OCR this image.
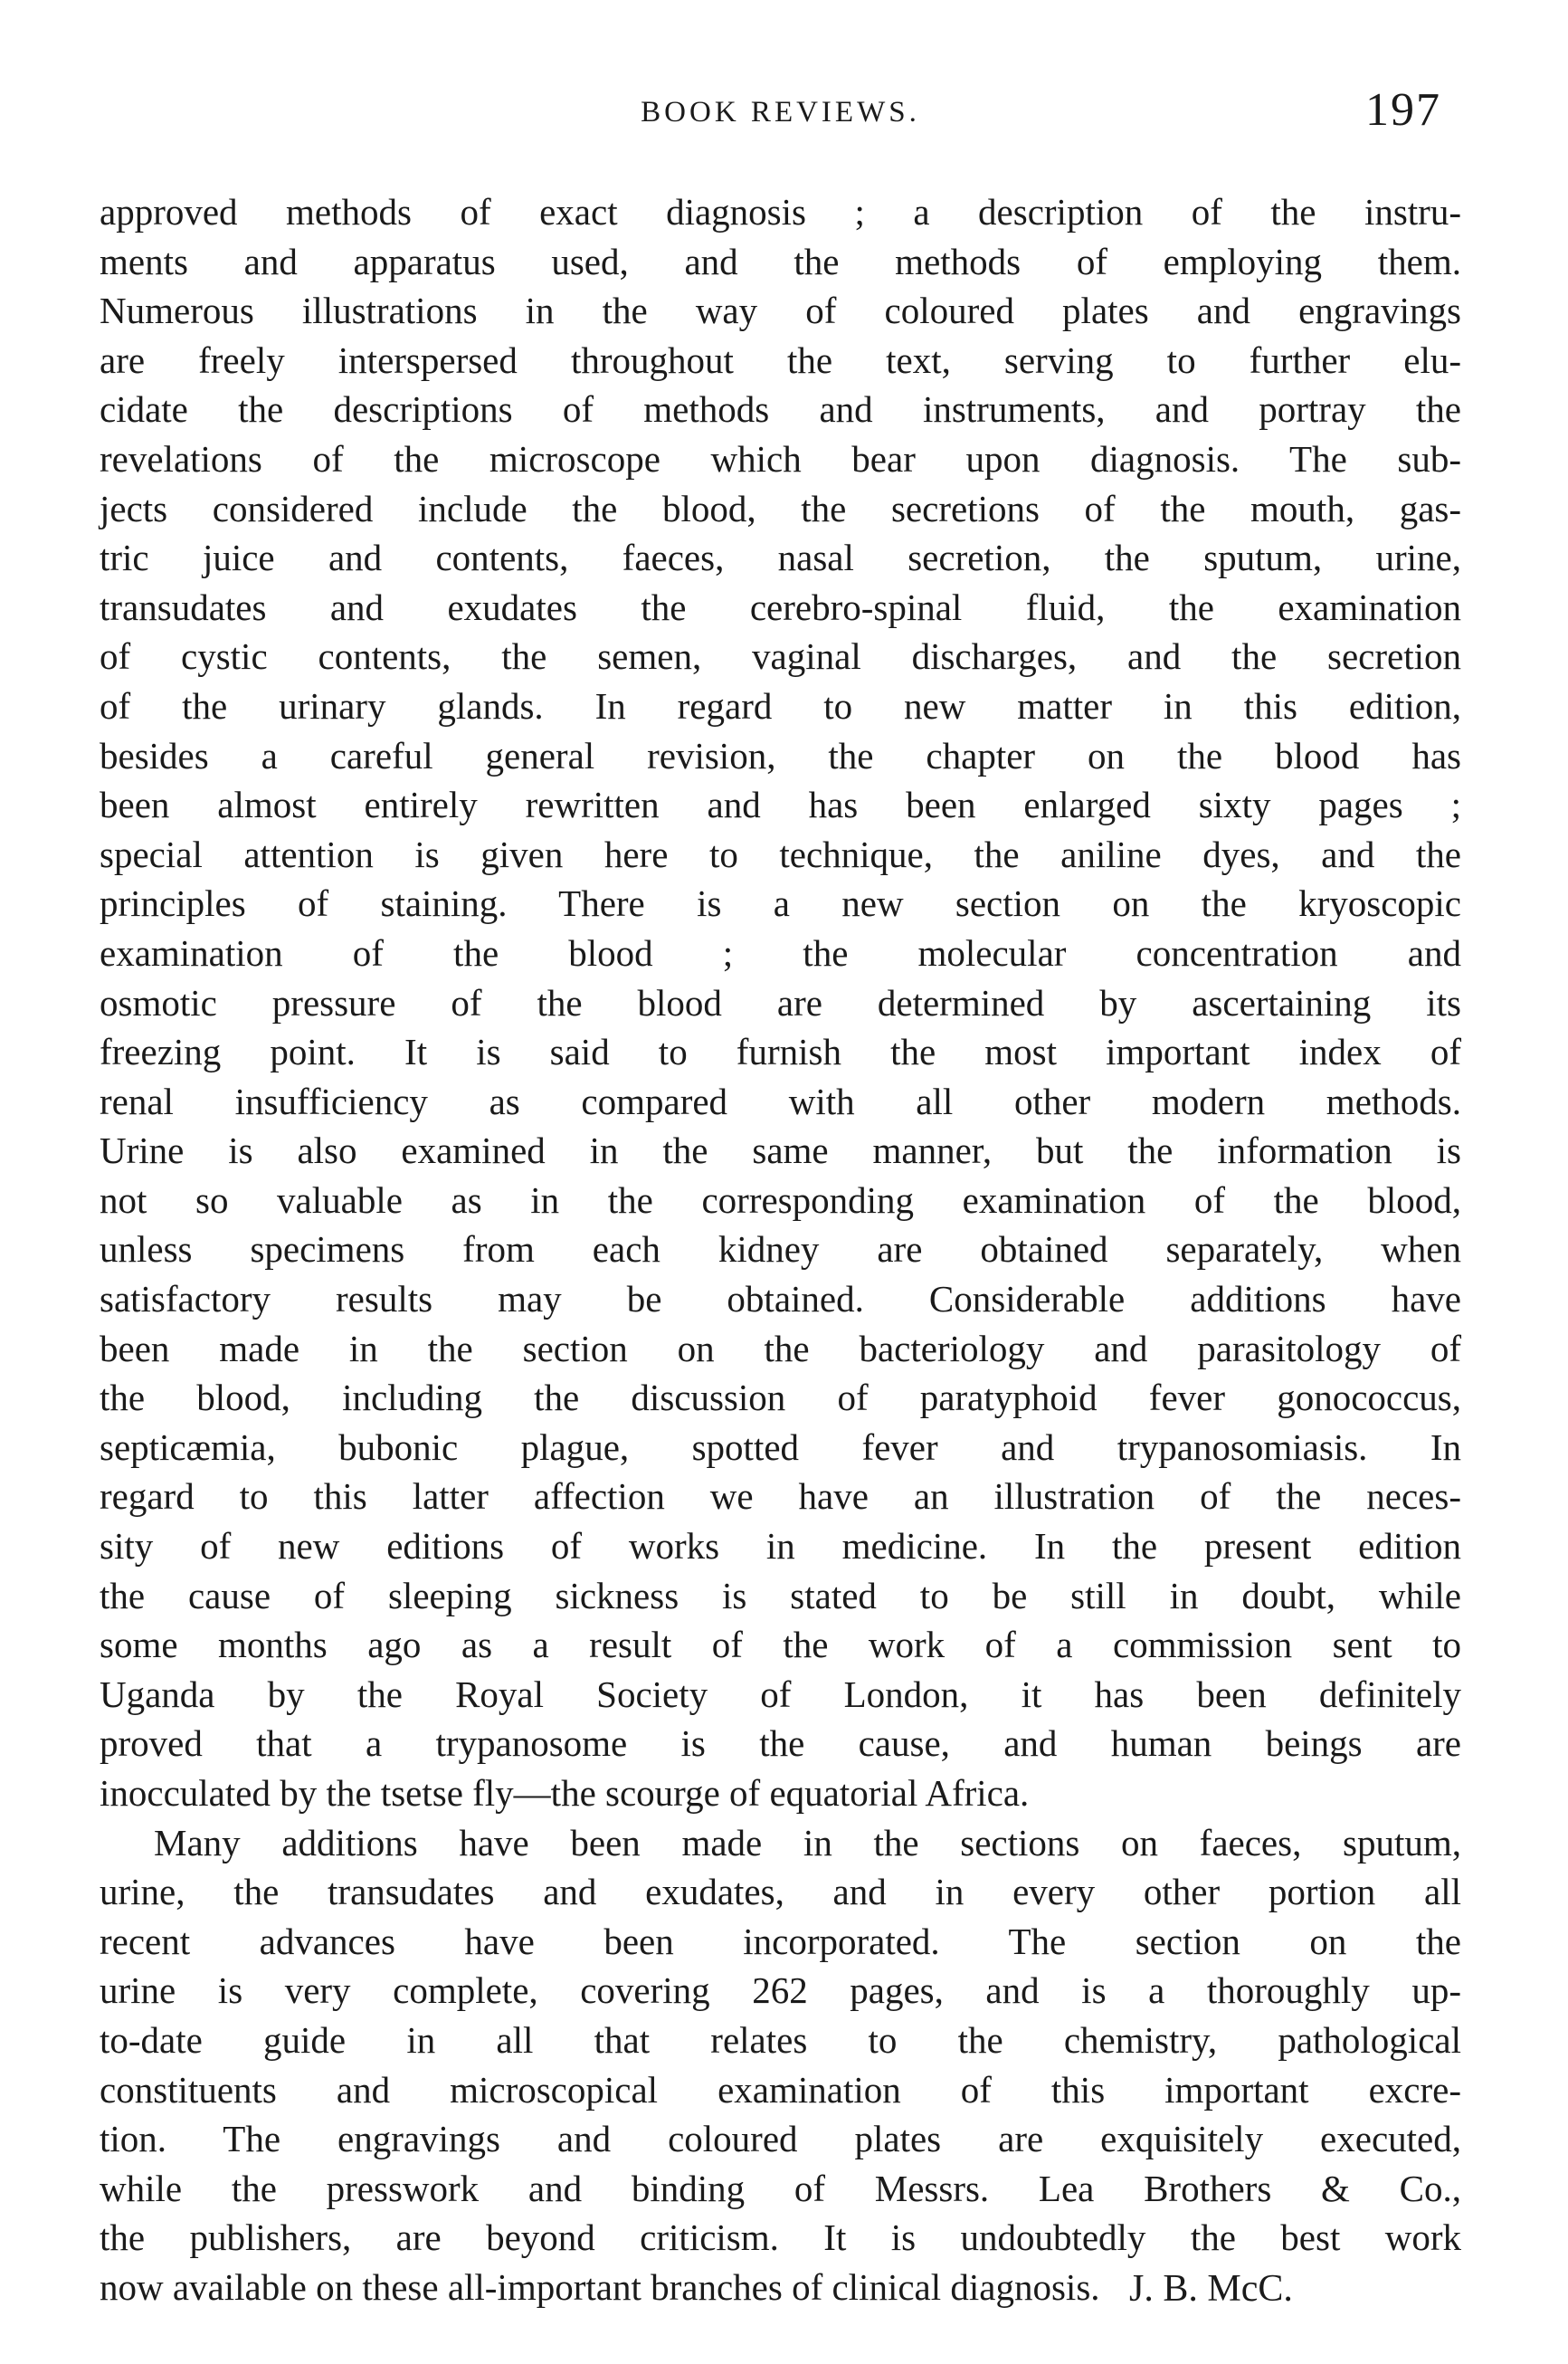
BOOK REVIEWS.	197
approved methods of exact diagnosis ; a description of the instru-
ments and apparatus used, and the methods of employing them.
Numerous illustrations in the way of coloured plates and engravings
are freely interspersed throughout the text, serving to further elu-
cidate the descriptions of methods and instruments, and portray the
revelations of the microscope which bear upon diagnosis. The sub-
jects considered include the blood, the secretions of the mouth, gas-
tric juice and contents, faeces, nasal secretion, the sputum, urine,
transudates and exudates the cerebro-spinal fluid, the examination
of cystic contents, the semen, vaginal discharges, and the secretion
of the urinary glands. In regard to new matter in this edition,
besides a careful general revision, the chapter on the blood has
been almost entirely rewritten and has been enlarged sixty pages ;
special attention is given here to technique, the aniline dyes, and the
principles of staining. There is a new section on the kryoscopic
examination of the blood ; the molecular concentration and
osmotic pressure of the blood are determined by ascertaining its
freezing point. It is said to furnish the most important index of
renal insufficiency as compared with all other modern methods.
Urine is also examined in the same manner, but the information is
not so valuable as in the corresponding examination of the blood,
unless specimens from each kidney are obtained separately, when
satisfactory results may be obtained. Considerable additions have
been made in the section on the bacteriology and parasitology of
the blood, including the discussion of paratyphoid fever gonococcus,
septicæmia, bubonic plague, spotted fever and trypanosomiasis. In
regard to this latter affection we have an illustration of the neces-
sity of new editions of works in medicine. In the present edition
the cause of sleeping sickness is stated to be still in doubt, while
some months ago as a result of the work of a commission sent to
Uganda by the Royal Society of London, it has been definitely
proved that a trypanosome is the cause, and human beings are
inocculated by the tsetse fly—the scourge of equatorial Africa.
Many additions have been made in the sections on faeces, sputum,
urine, the transudates and exudates, and in every other portion all
recent advances have been incorporated. The section on the
urine is very complete, covering 262 pages, and is a thoroughly up-
to-date guide in all that relates to the chemistry, pathological
constituents and microscopical examination of this important excre-
tion. The engravings and coloured plates are exquisitely executed,
while the presswork and binding of Messrs. Lea Brothers & Co.,
the publishers, are beyond criticism. It is undoubtedly the best work
now available on these all-important branches of clinical diagnosis. J. B. McC.
